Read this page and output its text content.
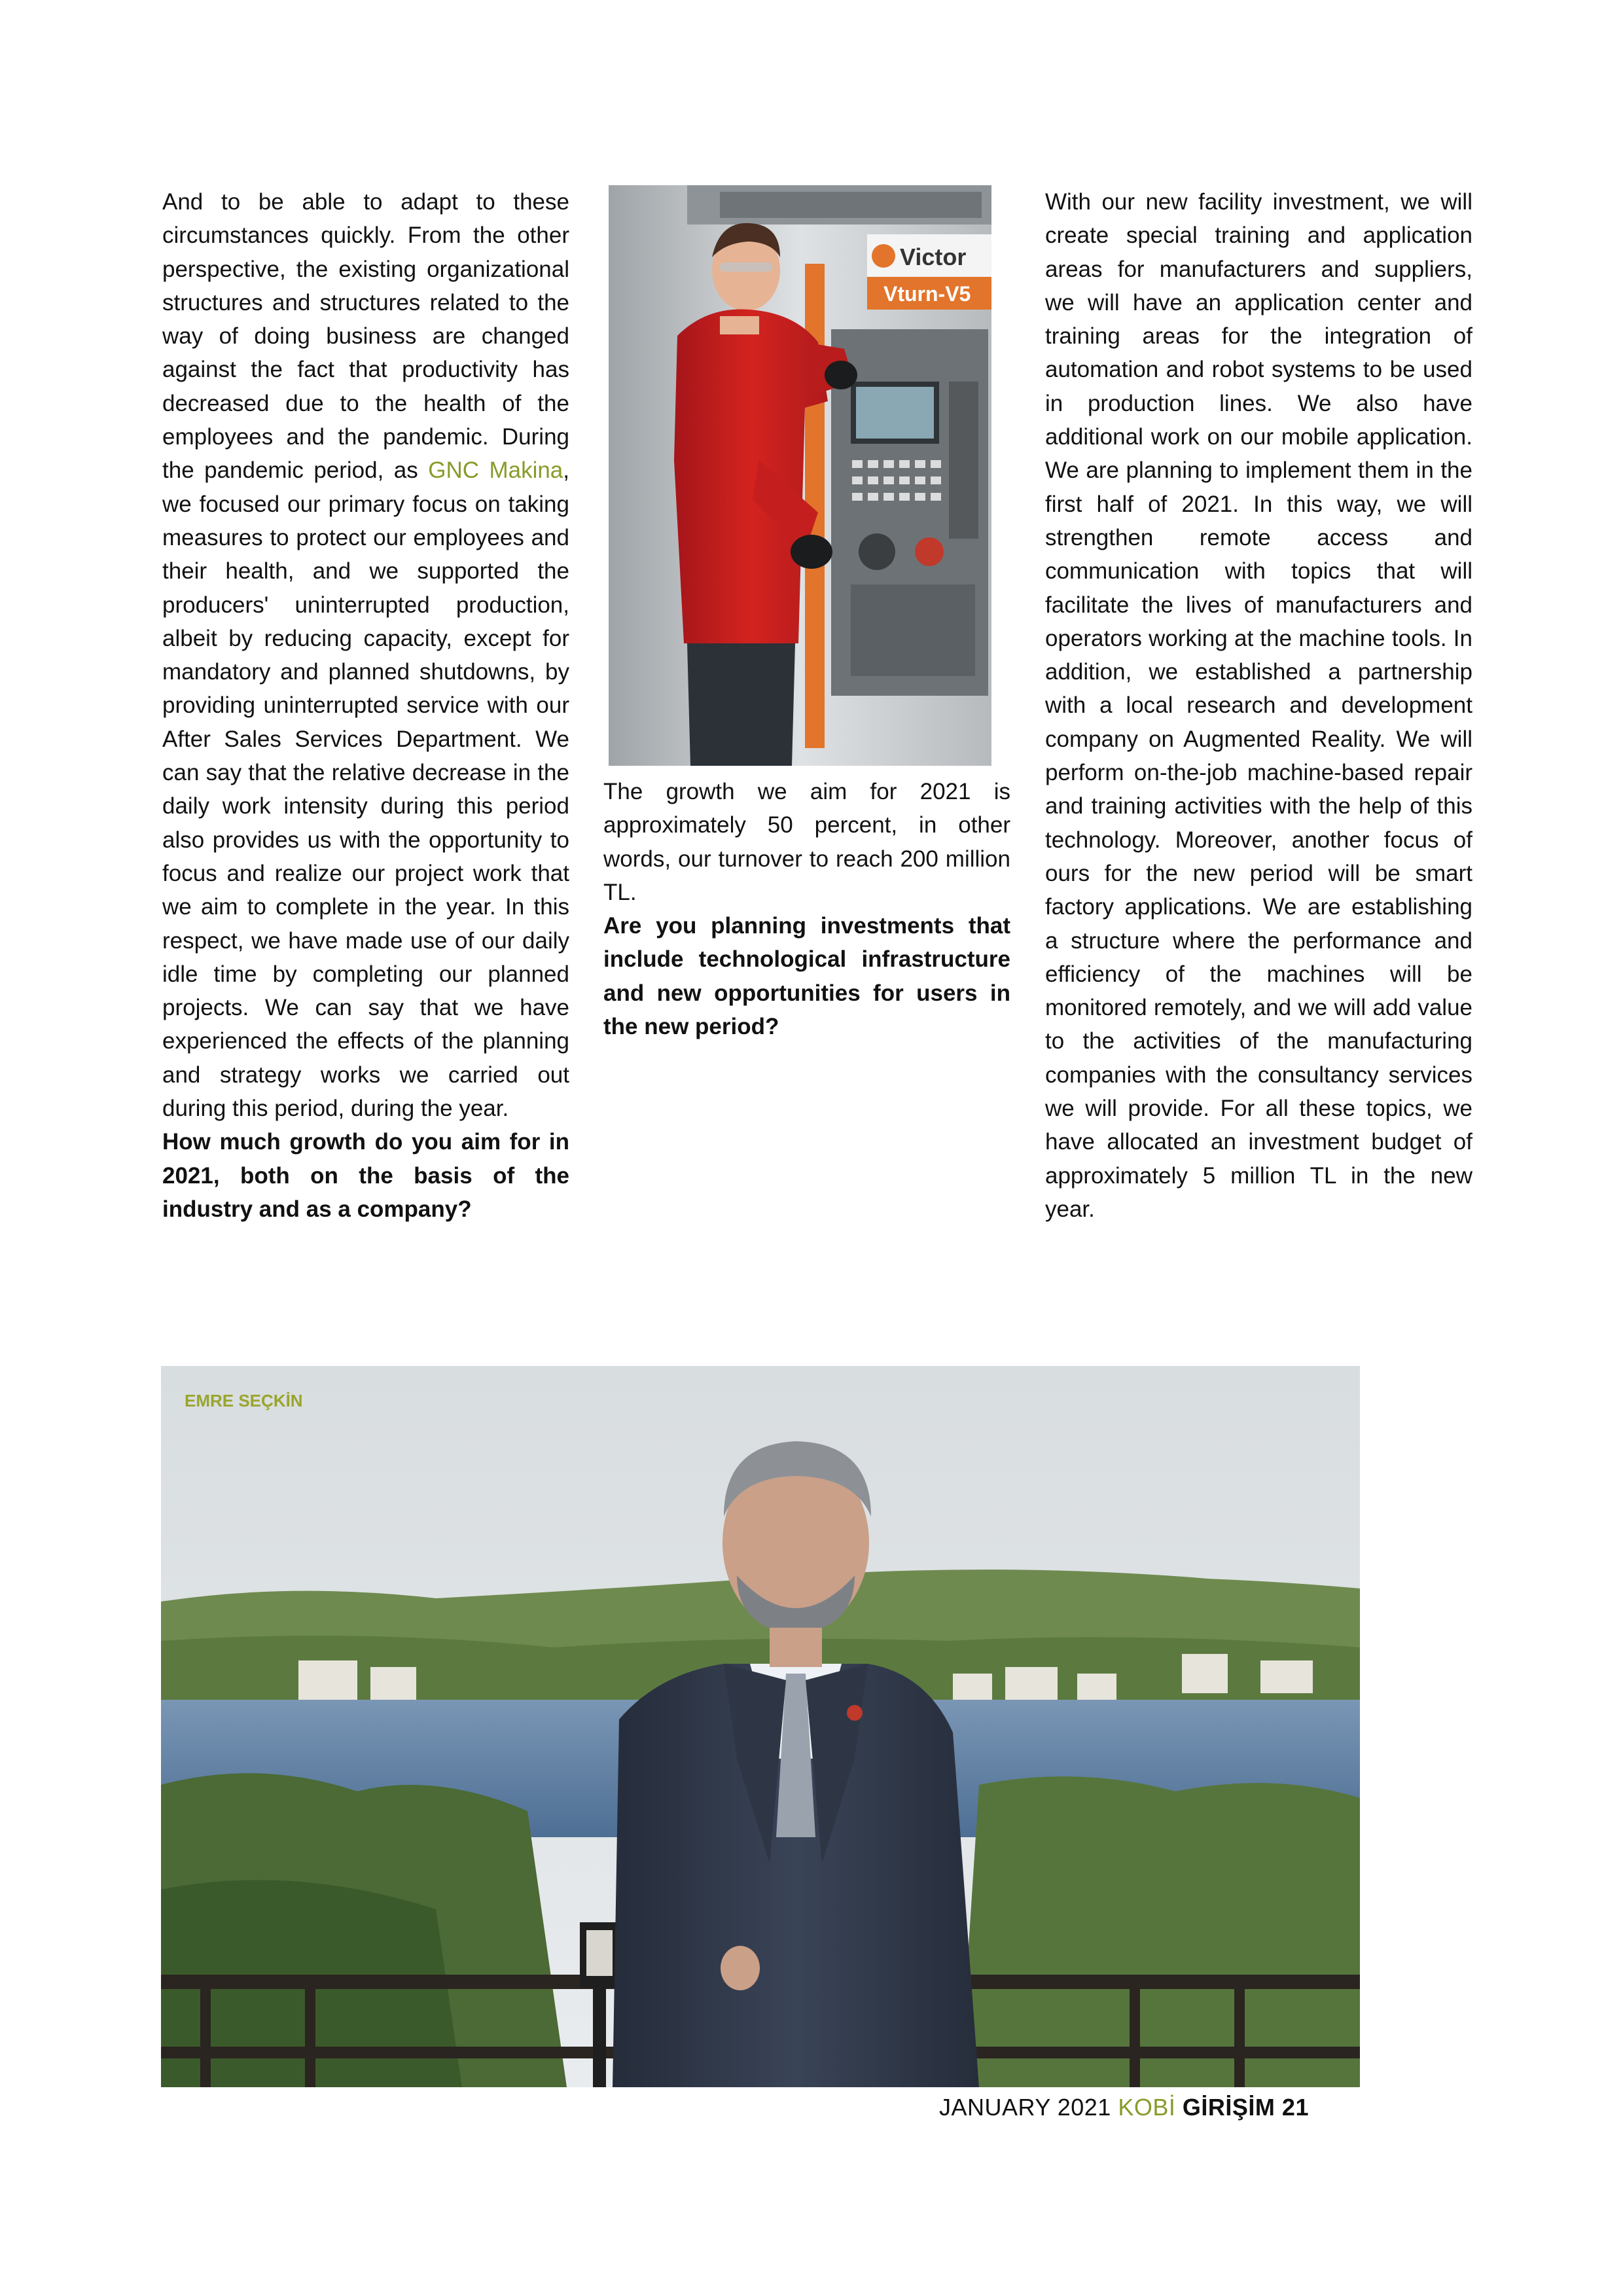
And to be able to adapt to these circumstances quickly. From the other perspective, the existing organizational structures and structures related to the way of doing business are changed against the fact that productivity has decreased due to the health of the employees and the pandemic. During the pandemic period, as GNC Makina, we focused our primary focus on taking measures to protect our employees and their health, and we supported the producers' uninterrupted production, albeit by reducing capacity, except for mandatory and planned shutdowns, by providing uninterrupted service with our After Sales Services Department. We can say that the relative decrease in the daily work intensity during this period also provides us with the opportunity to focus and realize our project work that we aim to complete in the year. In this respect, we have made use of our daily idle time by completing our planned projects. We can say that we have experienced the effects of the planning and strategy works we carried out during this period, during the year.

How much growth do you aim for in 2021, both on the basis of the industry and as a company?

Victor
Vturn-V5

The growth we aim for 2021 is approximately 50 percent, in other words, our turnover to reach 200 million TL.

Are you planning investments that include technological infrastructure and new opportunities for users in the new period?

With our new facility investment, we will create special training and application areas for manufacturers and suppliers, we will have an application center and training areas for the integration of automation and robot systems to be used in production lines. We also have additional work on our mobile application. We are planning to implement them in the first half of 2021. In this way, we will strengthen remote access and communication with topics that will facilitate the lives of manufacturers and operators working at the machine tools. In addition, we established a partnership with a local research and development company on Augmented Reality. We will perform on-the-job machine-based repair and training activities with the help of this technology. Moreover, another focus of ours for the new period will be smart factory applications. We are establishing a structure where the performance and efficiency of the machines will be monitored remotely, and we will add value to the activities of the manufacturing companies with the consultancy services we will provide. For all these topics, we have allocated an investment budget of approximately 5 million TL in the new year.

EMRE SEÇKİN
JANUARY 2021 KOBİ GİRİŞİM 21
